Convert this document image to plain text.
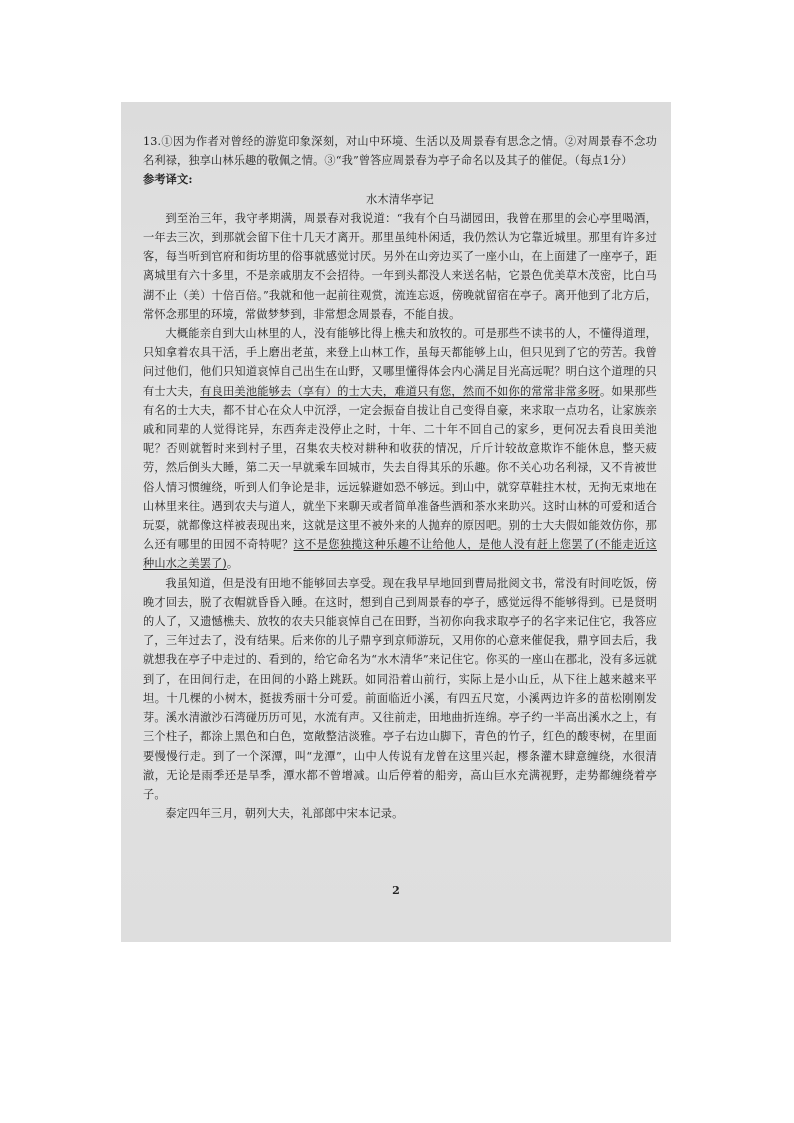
13.①因为作者对曾经的游览印象深刻，对山中环境、生活以及周景春有思念之情。②对周景春不念功名利禄，独享山林乐趣的敬佩之情。③“我”曾答应周景春为亭子命名以及其子的催促。（每点1分）

参考译文:

水木清华亭记

到至治三年，我守孝期满，周景春对我说道：“我有个白马湖园田，我曾在那里的会心亭里喝酒，一年去三次，到那就会留下住十几天才离开。那里虽纯朴闲适，我仍然认为它靠近城里。那里有许多过客，每当听到官府和街坊里的俗事就感觉讨厌。另外在山旁边买了一座小山，在上面建了一座亭子，距离城里有六十多里，不是亲戚朋友不会招待。一年到头都没人来送名帖，它景色优美草木茂密，比白马湖不止（美）十倍百倍。”我就和他一起前往观赏，流连忘返，傍晚就留宿在亭子。离开他到了北方后，常怀念那里的环境，常做梦梦到，非常想念周景春，不能自拔。

大概能亲自到大山林里的人，没有能够比得上樵夫和放牧的。可是那些不读书的人，不懂得道理，只知拿着农具干活，手上磨出老茧，来登上山林工作，虽每天都能够上山，但只见到了它的劳苦。我曾问过他们，他们只知道哀悼自己出生在山野，又哪里懂得体会内心满足目光高远呢？明白这个道理的只有士大夫，有良田美池能够去（享有）的士大夫，难道只有您，然而不如你的常常非常多呀。如果那些有名的士大夫，都不甘心在众人中沉浮，一定会振奋自拔让自己变得自豪，来求取一点功名，让家族亲戚和同辈的人觉得诧异，东西奔走没停止之时，十年、二十年不回自己的家乡，更何况去看良田美池呢？否则就暂时来到村子里，召集农夫校对耕种和收获的情况，斤斤计较故意欺诈不能休息，整天疲劳，然后倒头大睡，第二天一早就乘车回城市，失去自得其乐的乐趣。你不关心功名利禄，又不肯被世俗人情习惯缠绕，听到人们争论是非，远远躲避如恐不够远。到山中，就穿草鞋拄木杖，无拘无束地在山林里来往。遇到农夫与道人，就坐下来聊天或者简单准备些酒和茶水来助兴。这时山林的可爱和适合玩耍，就都像这样被表现出来，这就是这里不被外来的人抛弃的原因吧。别的士大夫假如能效仿你，那么还有哪里的田园不奇特呢？这不是您独揽这种乐趣不让给他人，是他人没有赶上您罢了(不能走近这种山水之美罢了)。

我虽知道，但是没有田地不能够回去享受。现在我早早地回到曹局批阅文书，常没有时间吃饭，傍晚才回去，脱了衣帽就昏昏入睡。在这时，想到自己到周景春的亭子，感觉远得不能够得到。已是贤明的人了，又遗憾樵夫、放牧的农夫只能哀悼自己在田野，当初你向我求取亭子的名字来记住它，我答应了，三年过去了，没有结果。后来你的儿子鼎亨到京师游玩，又用你的心意来催促我，鼎亨回去后，我就想我在亭子中走过的、看到的，给它命名为“水木清华”来记住它。你买的一座山在郡北，没有多远就到了，在田间行走，在田间的小路上跳跃。如同沿着山前行，实际上是小山丘，从下往上越来越来平坦。十几棵的小树木，挺拔秀丽十分可爱。前面临近小溪，有四五尺宽，小溪两边许多的苗松刚刚发芽。溪水清澈沙石湾碰历历可见，水流有声。又往前走，田地曲折连绵。亭子约一半高出溪水之上，有三个柱子，都涂上黑色和白色，宽敞整洁淡雅。亭子右边山脚下，青色的竹子，红色的酸枣树，在里面要慢慢行走。到了一个深潭，叫“龙潭”，山中人传说有龙曾在这里兴起，樛条灌木肆意缠绕，水很清澈，无论是雨季还是旱季，潭水都不曾增减。山后停着的船旁，高山巨水充满视野，走势都缠绕着亭子。

泰定四年三月，朝列大夫，礼部郎中宋本记录。

2
